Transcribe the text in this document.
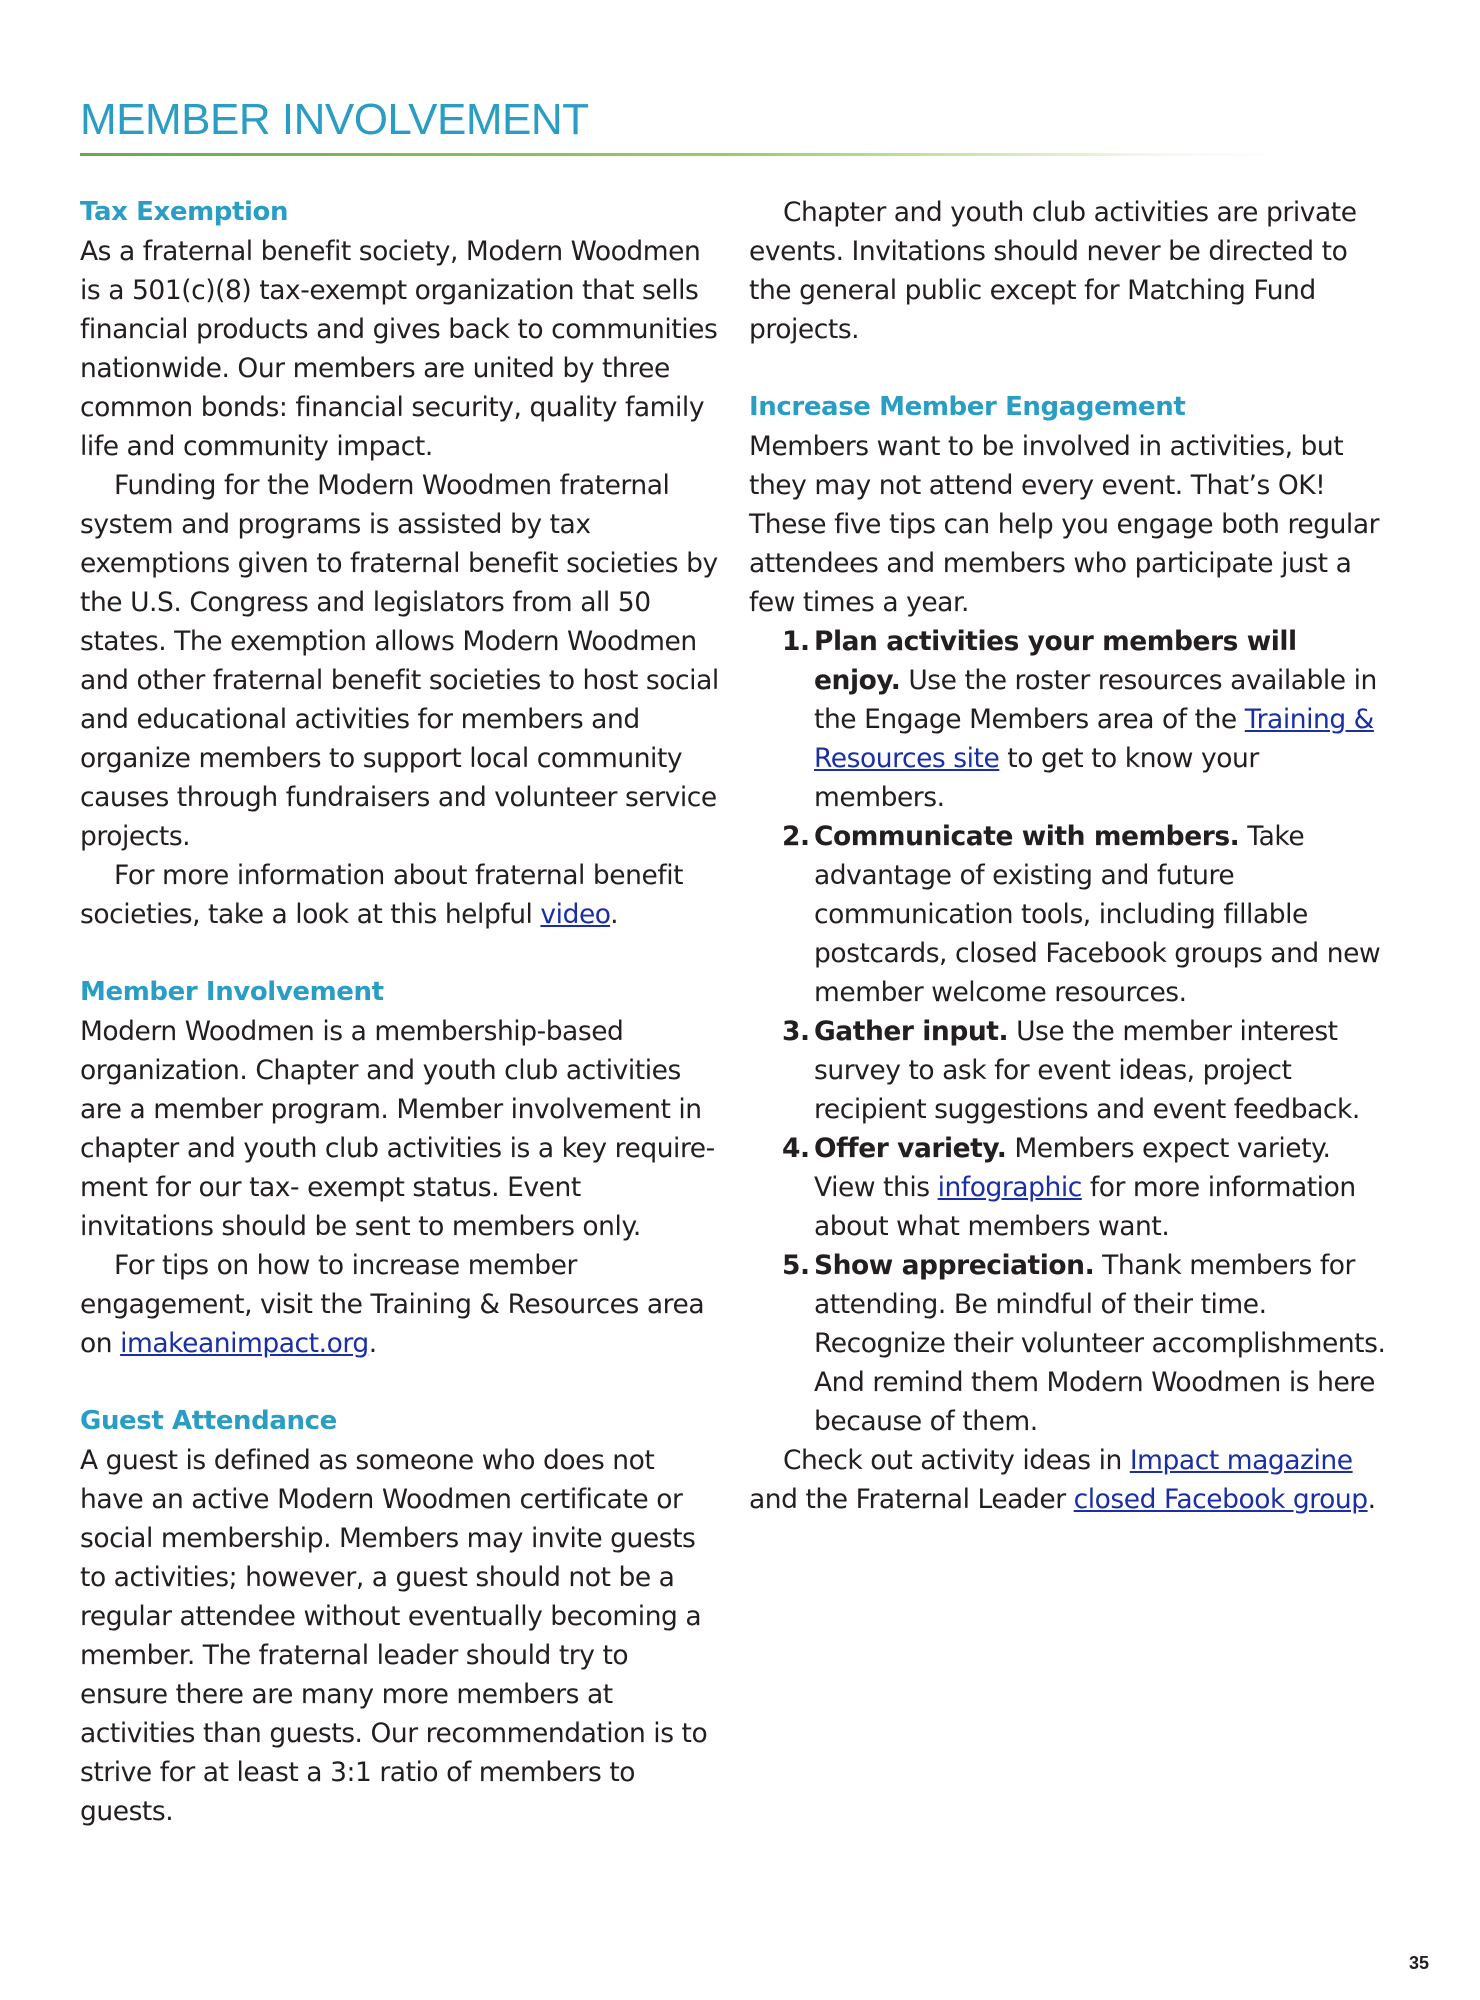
MEMBER INVOLVEMENT
Tax Exemption

As a fraternal benefit society, Modern Woodmen is a 501(c)(8) tax-exempt organization that sells financial products and gives back to communities nationwide. Our members are united by three common bonds: financial security, quality family life and community impact.

Funding for the Modern Woodmen fraternal system and programs is assisted by tax exemptions given to fraternal benefit societies by the U.S. Congress and legislators from all 50 states. The exemption allows Modern Woodmen and other fraternal benefit societies to host social and educational activities for members and organize members to support local community causes through fundraisers and volunteer service projects.

For more information about fraternal benefit societies, take a look at this helpful video.

Member Involvement

Modern Woodmen is a membership-based organization. Chapter and youth club activities are a member program. Member involvement in chapter and youth club activities is a key require-ment for our tax- exempt status. Event invitations should be sent to members only.

For tips on how to increase member engagement, visit the Training & Resources area on imakeanimpact.org.

Guest Attendance

A guest is defined as someone who does not have an active Modern Woodmen certificate or social membership. Members may invite guests to activities; however, a guest should not be a regular attendee without eventually becoming a member. The fraternal leader should try to ensure there are many more members at activities than guests. Our recommendation is to strive for at least a 3:1 ratio of members to guests.

Chapter and youth club activities are private events. Invitations should never be directed to the general public except for Matching Fund projects.

Increase Member Engagement

Members want to be involved in activities, but they may not attend every event. That’s OK! These five tips can help you engage both regular attendees and members who participate just a few times a year.

1. Plan activities your members will enjoy. Use the roster resources available in the Engage Members area of the Training & Resources site to get to know your members.
2. Communicate with members. Take advantage of existing and future communication tools, including fillable postcards, closed Facebook groups and new member welcome resources.
3. Gather input. Use the member interest survey to ask for event ideas, project recipient suggestions and event feedback.
4. Offer variety. Members expect variety. View this infographic for more information about what members want.
5. Show appreciation. Thank members for attending. Be mindful of their time. Recognize their volunteer accomplishments. And remind them Modern Woodmen is here because of them.

Check out activity ideas in Impact magazine and the Fraternal Leader closed Facebook group.

35
